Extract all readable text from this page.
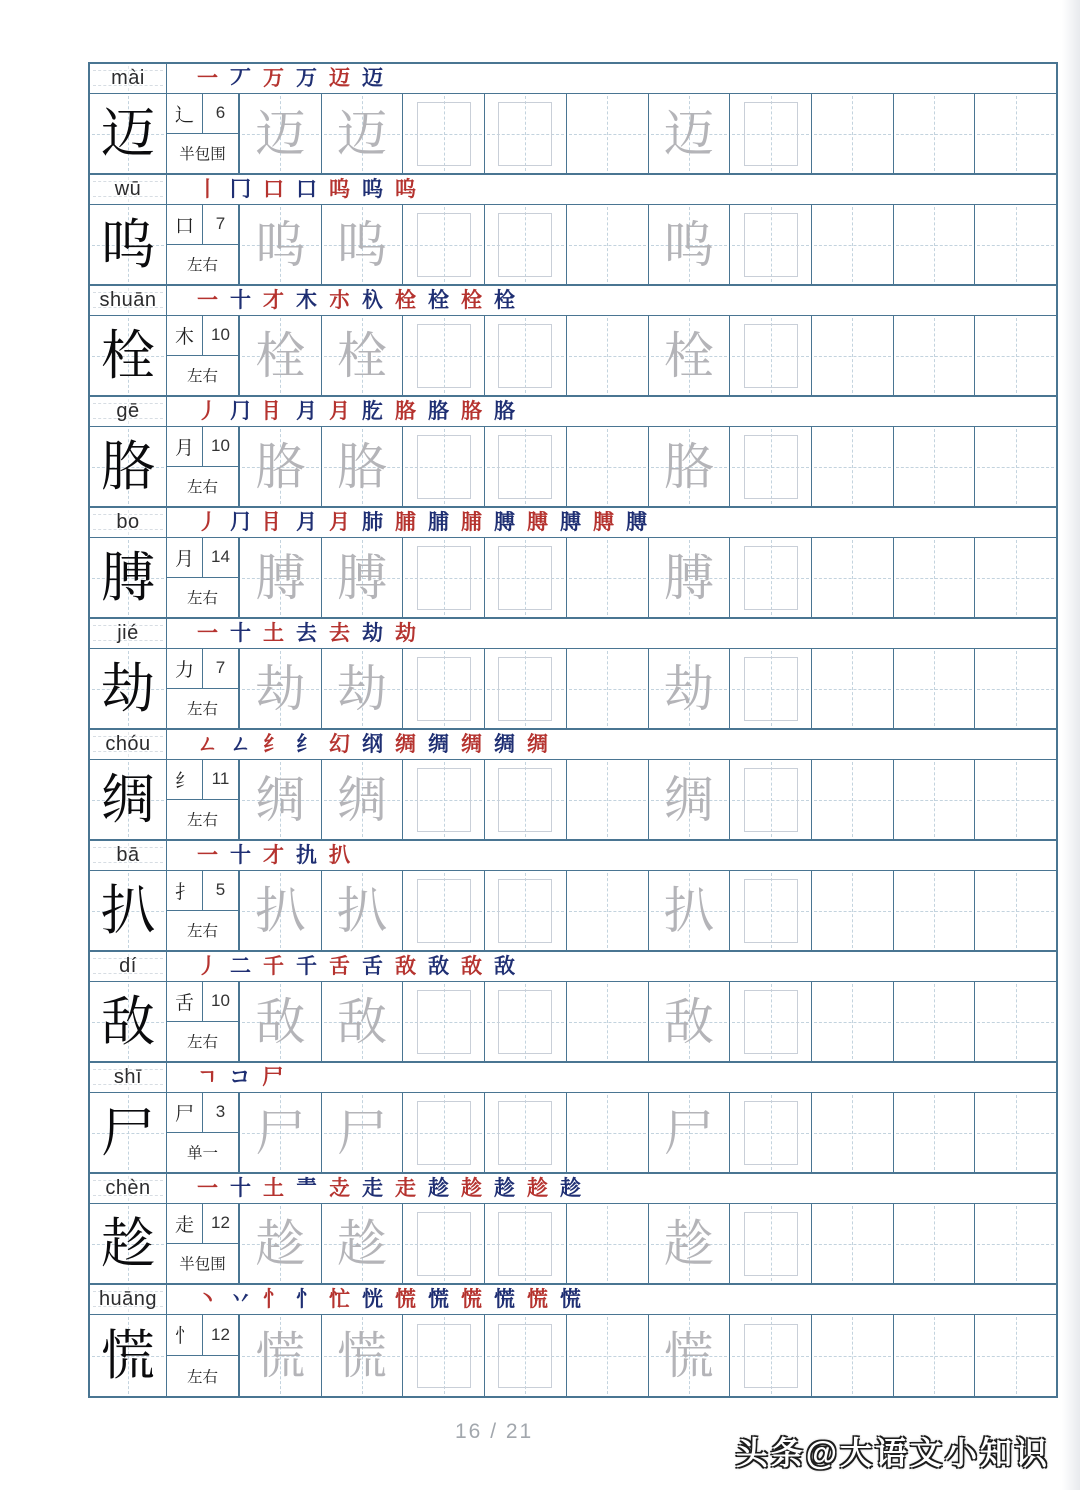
mài 一 丆 万 万 迈 迈
迈	辶	6
半包围 迈 迈	迈
wū	丨 冂 口 口 呜 呜 呜
呜	口	7
左右 呜 呜	呜
shuān 一 十 才 木 朩 杁 栓 栓 栓 栓
栓	木	10
左右 栓 栓	栓
gē	丿 ⺆ ⺝ 月 月 肐 胳 胳 胳 胳
胳	月	10
左右 胳 胳	胳
bo	丿 ⺆ ⺝ 月 月 肺 脯 脯 脯 膊 膊 膊 膊 膊
膊	月	14
左右 膊 膊	膊
jié	一 十 土 去 去 劫 劫
劫	力	7
左右 劫 劫	劫
chóu ㄥ ㄥ 纟 纟 幻 纲 绸 绸 绸 绸 绸
绸	纟	11
左右 绸 绸	绸
bā	一 十 才 扏 扒
扒	扌	5
左右 扒 扒	扒
dí	丿 二 千 千 舌 舌 敌 敌 敌 敌
敌	舌	10
左右 敌 敌	敌
shī	ㄱ コ 尸
尸	尸	3
单一 尸 尸	尸
chèn 一 十 土 龶 赱 走 走 趁 趁 趁 趁 趁
趁	走	12
半包围 趁 趁	趁
huāng 丶 丷 忄 忄 忙 恍 慌 慌 慌 慌 慌 慌
慌	忄	12
左右 慌 慌	慌
16 / 21
头条@大语文小知识
